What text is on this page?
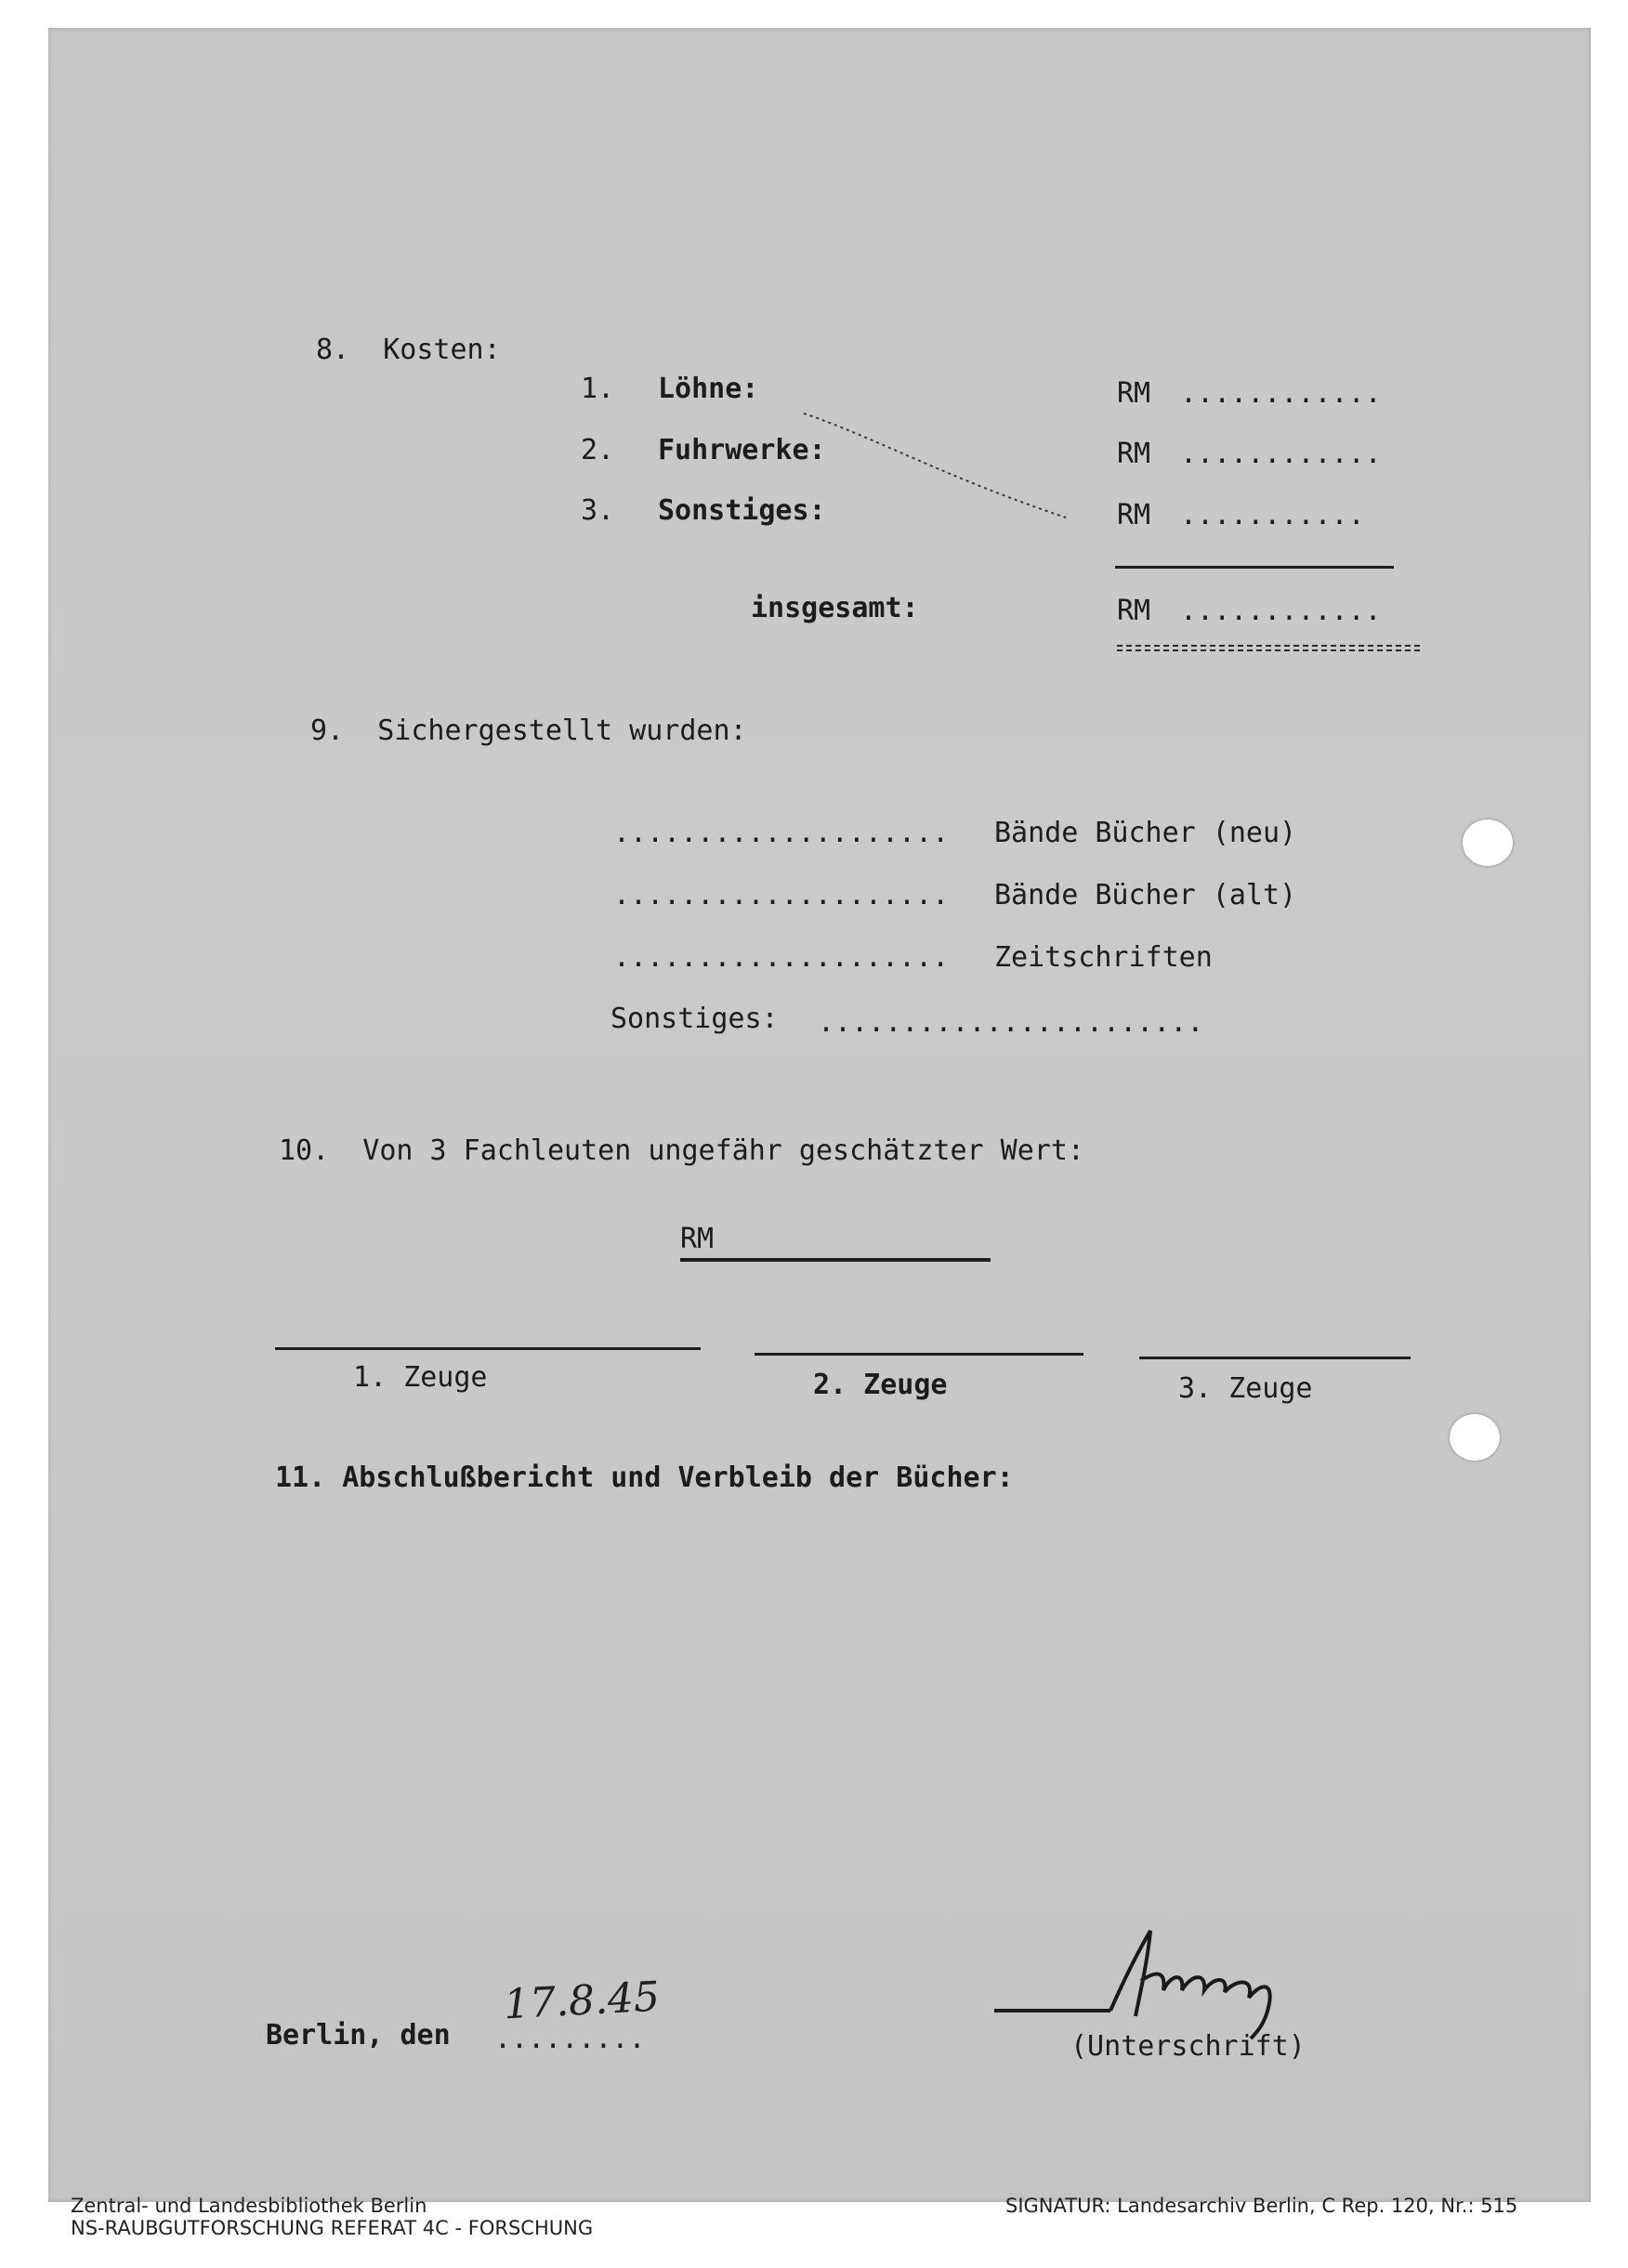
8.  Kosten:
1. Löhne:	RM ............
2. Fuhrwerke:	RM ............
3. Sonstiges:	RM ...........
insgesamt:	RM ............
9.  Sichergestellt wurden:
.................... Bände Bücher (neu)
.................... Bände Bücher (alt)
.................... Zeitschriften
Sonstiges: .......................
10.  Von 3 Fachleuten ungefähr geschätzter Wert:
RM
1. Zeuge	2. Zeuge	3. Zeuge
11. Abschlußbericht und Verbleib der Bücher:
Berlin, den .........
17.8.45
(Unterschrift)
Zentral- und Landesbibliothek Berlin
NS-RAUBGUTFORSCHUNG REFERAT 4C - FORSCHUNG
SIGNATUR: Landesarchiv Berlin, C Rep. 120, Nr.: 515
